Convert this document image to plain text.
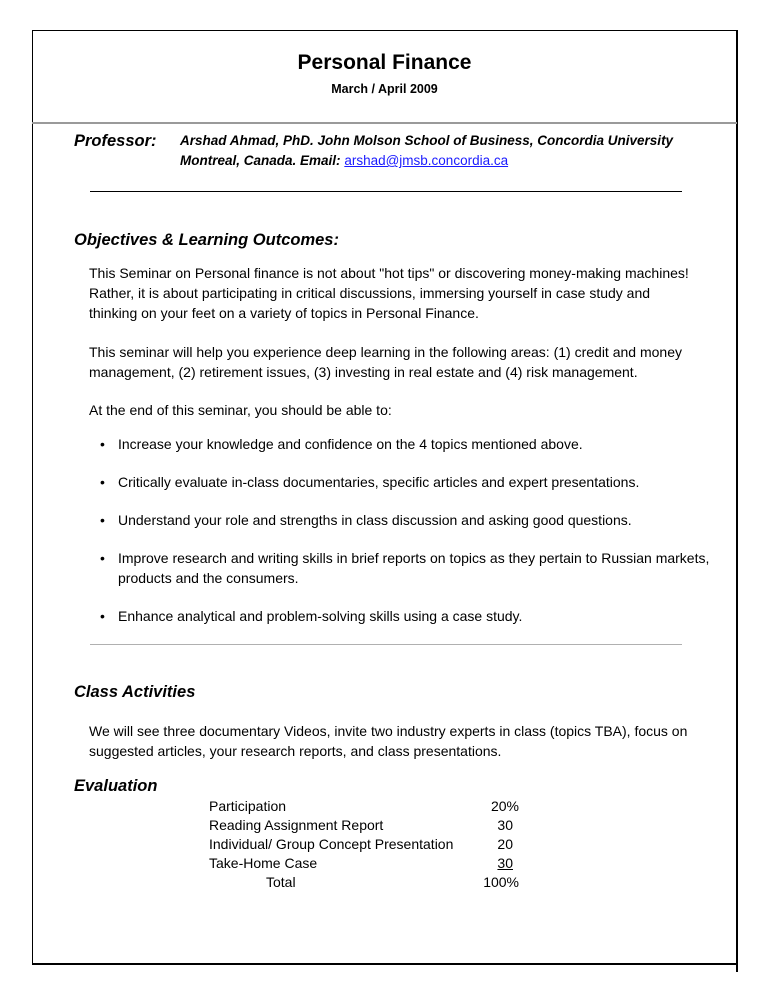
Personal Finance
March / April 2009
Professor: Arshad Ahmad, PhD. John Molson School of Business, Concordia University
Montreal, Canada. Email: arshad@jmsb.concordia.ca
Objectives & Learning Outcomes:

This Seminar on Personal finance is not about "hot tips" or discovering money-making machines! Rather, it is about participating in critical discussions, immersing yourself in case study and thinking on your feet on a variety of topics in Personal Finance.

This seminar will help you experience deep learning in the following areas: (1) credit and money management, (2) retirement issues, (3) investing in real estate and (4) risk management.

At the end of this seminar, you should be able to:

• Increase your knowledge and confidence on the 4 topics mentioned above.
• Critically evaluate in-class documentaries, specific articles and expert presentations.
• Understand your role and strengths in class discussion and asking good questions.
• Improve research and writing skills in brief reports on topics as they pertain to Russian markets, products and the consumers.
• Enhance analytical and problem-solving skills using a case study.
Class Activities

We will see three documentary Videos, invite two industry experts in class (topics TBA), focus on suggested articles, your research reports, and class presentations.

Evaluation
Participation	20%
Reading Assignment Report	30
Individual/ Group Concept Presentation	20
Take-Home Case	30
Total	100%
